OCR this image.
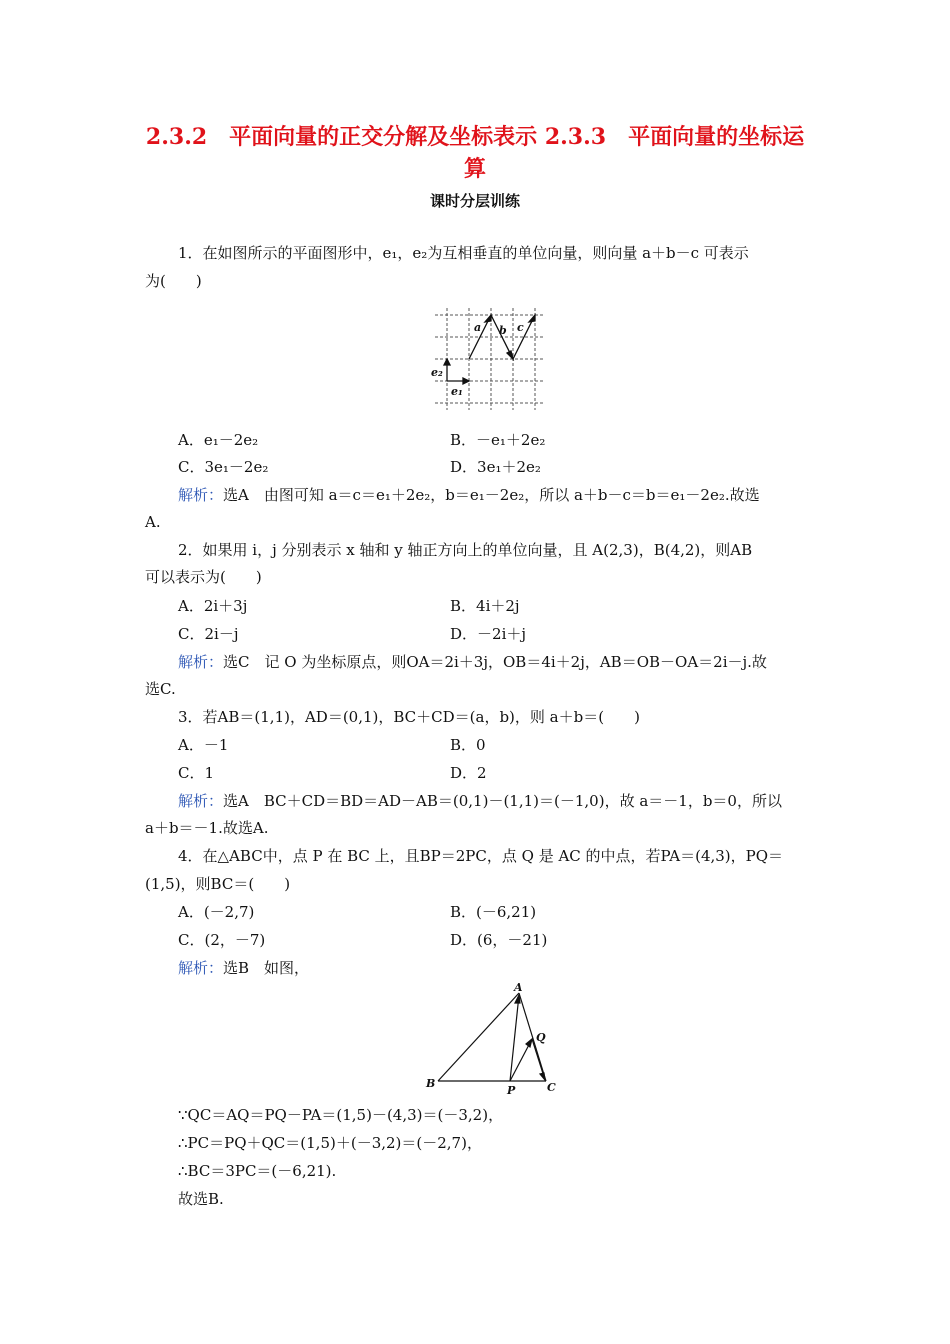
2.3.2　平面向量的正交分解及坐标表示 2.3.3　平面向量的坐标运
算
课时分层训练
1．在如图所示的平面图形中，e₁，e₂为互相垂直的单位向量，则向量 a＋b－c 可表示
为(　　)
a b c
e₁
e₂
A．e₁－2e₂	B．－e₁＋2e₂
C．3e₁－2e₂	D．3e₁＋2e₂
解析：选A　由图可知 a＝c＝e₁＋2e₂，b＝e₁－2e₂，所以 a＋b－c＝b＝e₁－2e₂.故选
A.
2．如果用 i，j 分别表示 x 轴和 y 轴正方向上的单位向量，且 A(2,3)，B(4,2)，则AB
可以表示为(　　)
A．2i＋3j	B．4i＋2j
C．2i－j	D．－2i＋j
解析：选C　记 O 为坐标原点，则OA＝2i＋3j，OB＝4i＋2j，AB＝OB－OA＝2i－j.故
选C.
3．若AB＝(1,1)，AD＝(0,1)，BC＋CD＝(a，b)，则 a＋b＝(　　)
A．－1	B．0
C．1	D．2
解析：选A　BC＋CD＝BD＝AD－AB＝(0,1)－(1,1)＝(－1,0)，故 a＝－1，b＝0，所以
a＋b＝－1.故选A.
4．在△ABC中，点 P 在 BC 上，且BP＝2PC，点 Q 是 AC 的中点，若PA＝(4,3)，PQ＝
(1,5)，则BC＝(　　)
A．(－2,7)	B．(－6,21)
C．(2，－7)	D．(6，－21)
解析：选B　如图，
A
B	C
P
Q
∵QC＝AQ＝PQ－PA＝(1,5)－(4,3)＝(－3,2)，
∴PC＝PQ＋QC＝(1,5)＋(－3,2)＝(－2,7)，
∴BC＝3PC＝(－6,21).
故选B.
